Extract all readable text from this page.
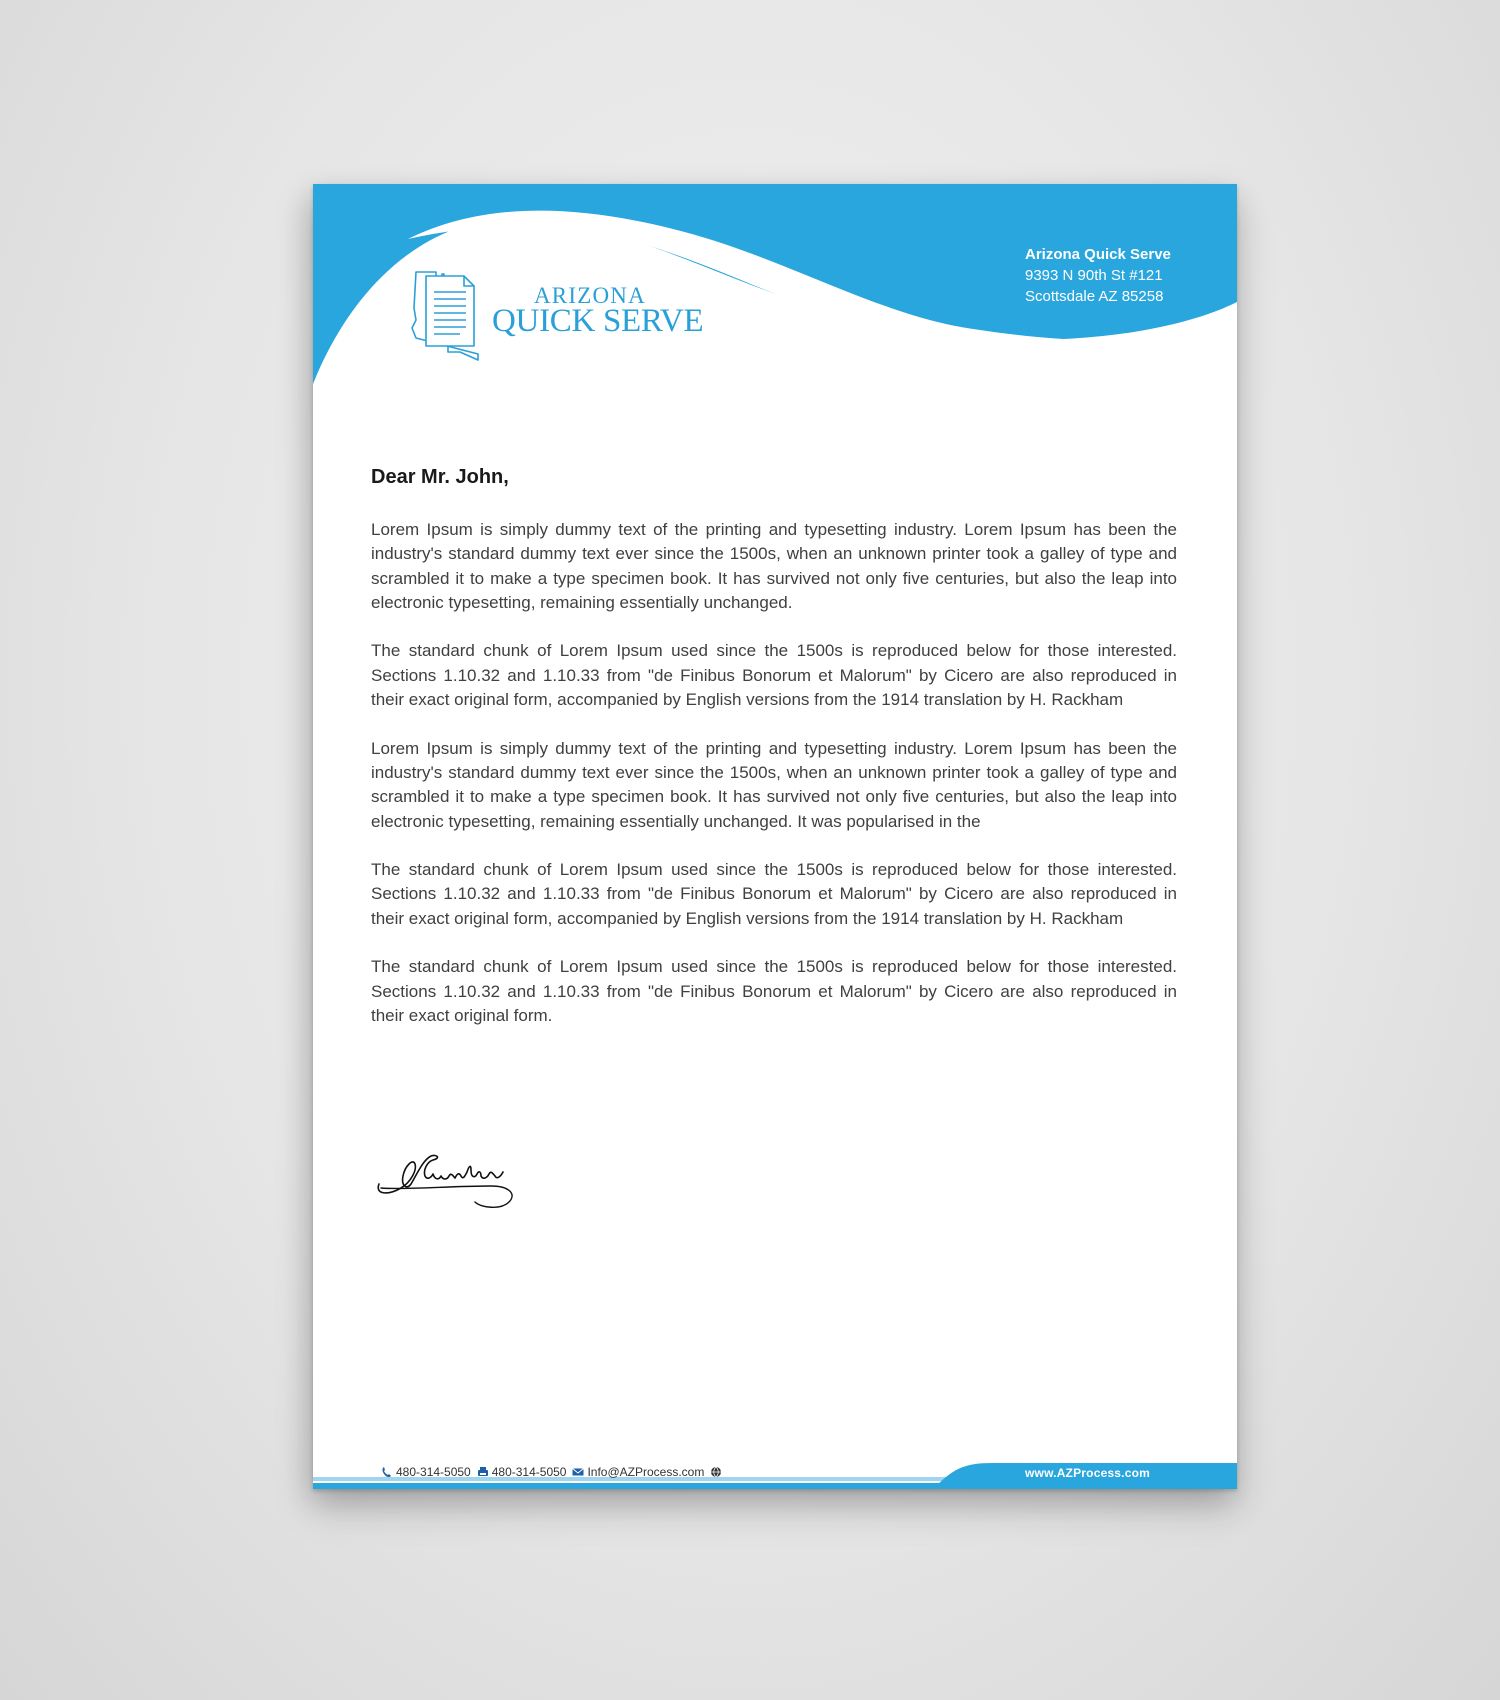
ARIZONA
QUICK SERVE
Arizona Quick Serve
9393 N 90th St #121
Scottsdale AZ 85258
Dear Mr. John,

Lorem Ipsum is simply dummy text of the printing and typesetting industry. Lorem Ipsum has been the industry's standard dummy text ever since the 1500s, when an unknown printer took a galley of type and scrambled it to make a type specimen book. It has survived not only five centuries, but also the leap into electronic typesetting, remaining essentially unchanged.

The standard chunk of Lorem Ipsum used since the 1500s is reproduced below for those interested. Sections 1.10.32 and 1.10.33 from "de Finibus Bonorum et Malorum" by Cicero are also reproduced in their exact original form, accompanied by English versions from the 1914 translation by H. Rackham

Lorem Ipsum is simply dummy text of the printing and typesetting industry. Lorem Ipsum has been the industry's standard dummy text ever since the 1500s, when an unknown printer took a galley of type and scrambled it to make a type specimen book. It has survived not only five centuries, but also the leap into electronic typesetting, remaining essentially unchanged. It was popularised in the

The standard chunk of Lorem Ipsum used since the 1500s is reproduced below for those interested. Sections 1.10.32 and 1.10.33 from "de Finibus Bonorum et Malorum" by Cicero are also reproduced in their exact original form, accompanied by English versions from the 1914 translation by H. Rackham

The standard chunk of Lorem Ipsum used since the 1500s is reproduced below for those interested. Sections 1.10.32 and 1.10.33 from "de Finibus Bonorum et Malorum" by Cicero are also reproduced in their exact original form.

480-314-5050 480-314-5050 Info@AZProcess.com	www.AZProcess.com
